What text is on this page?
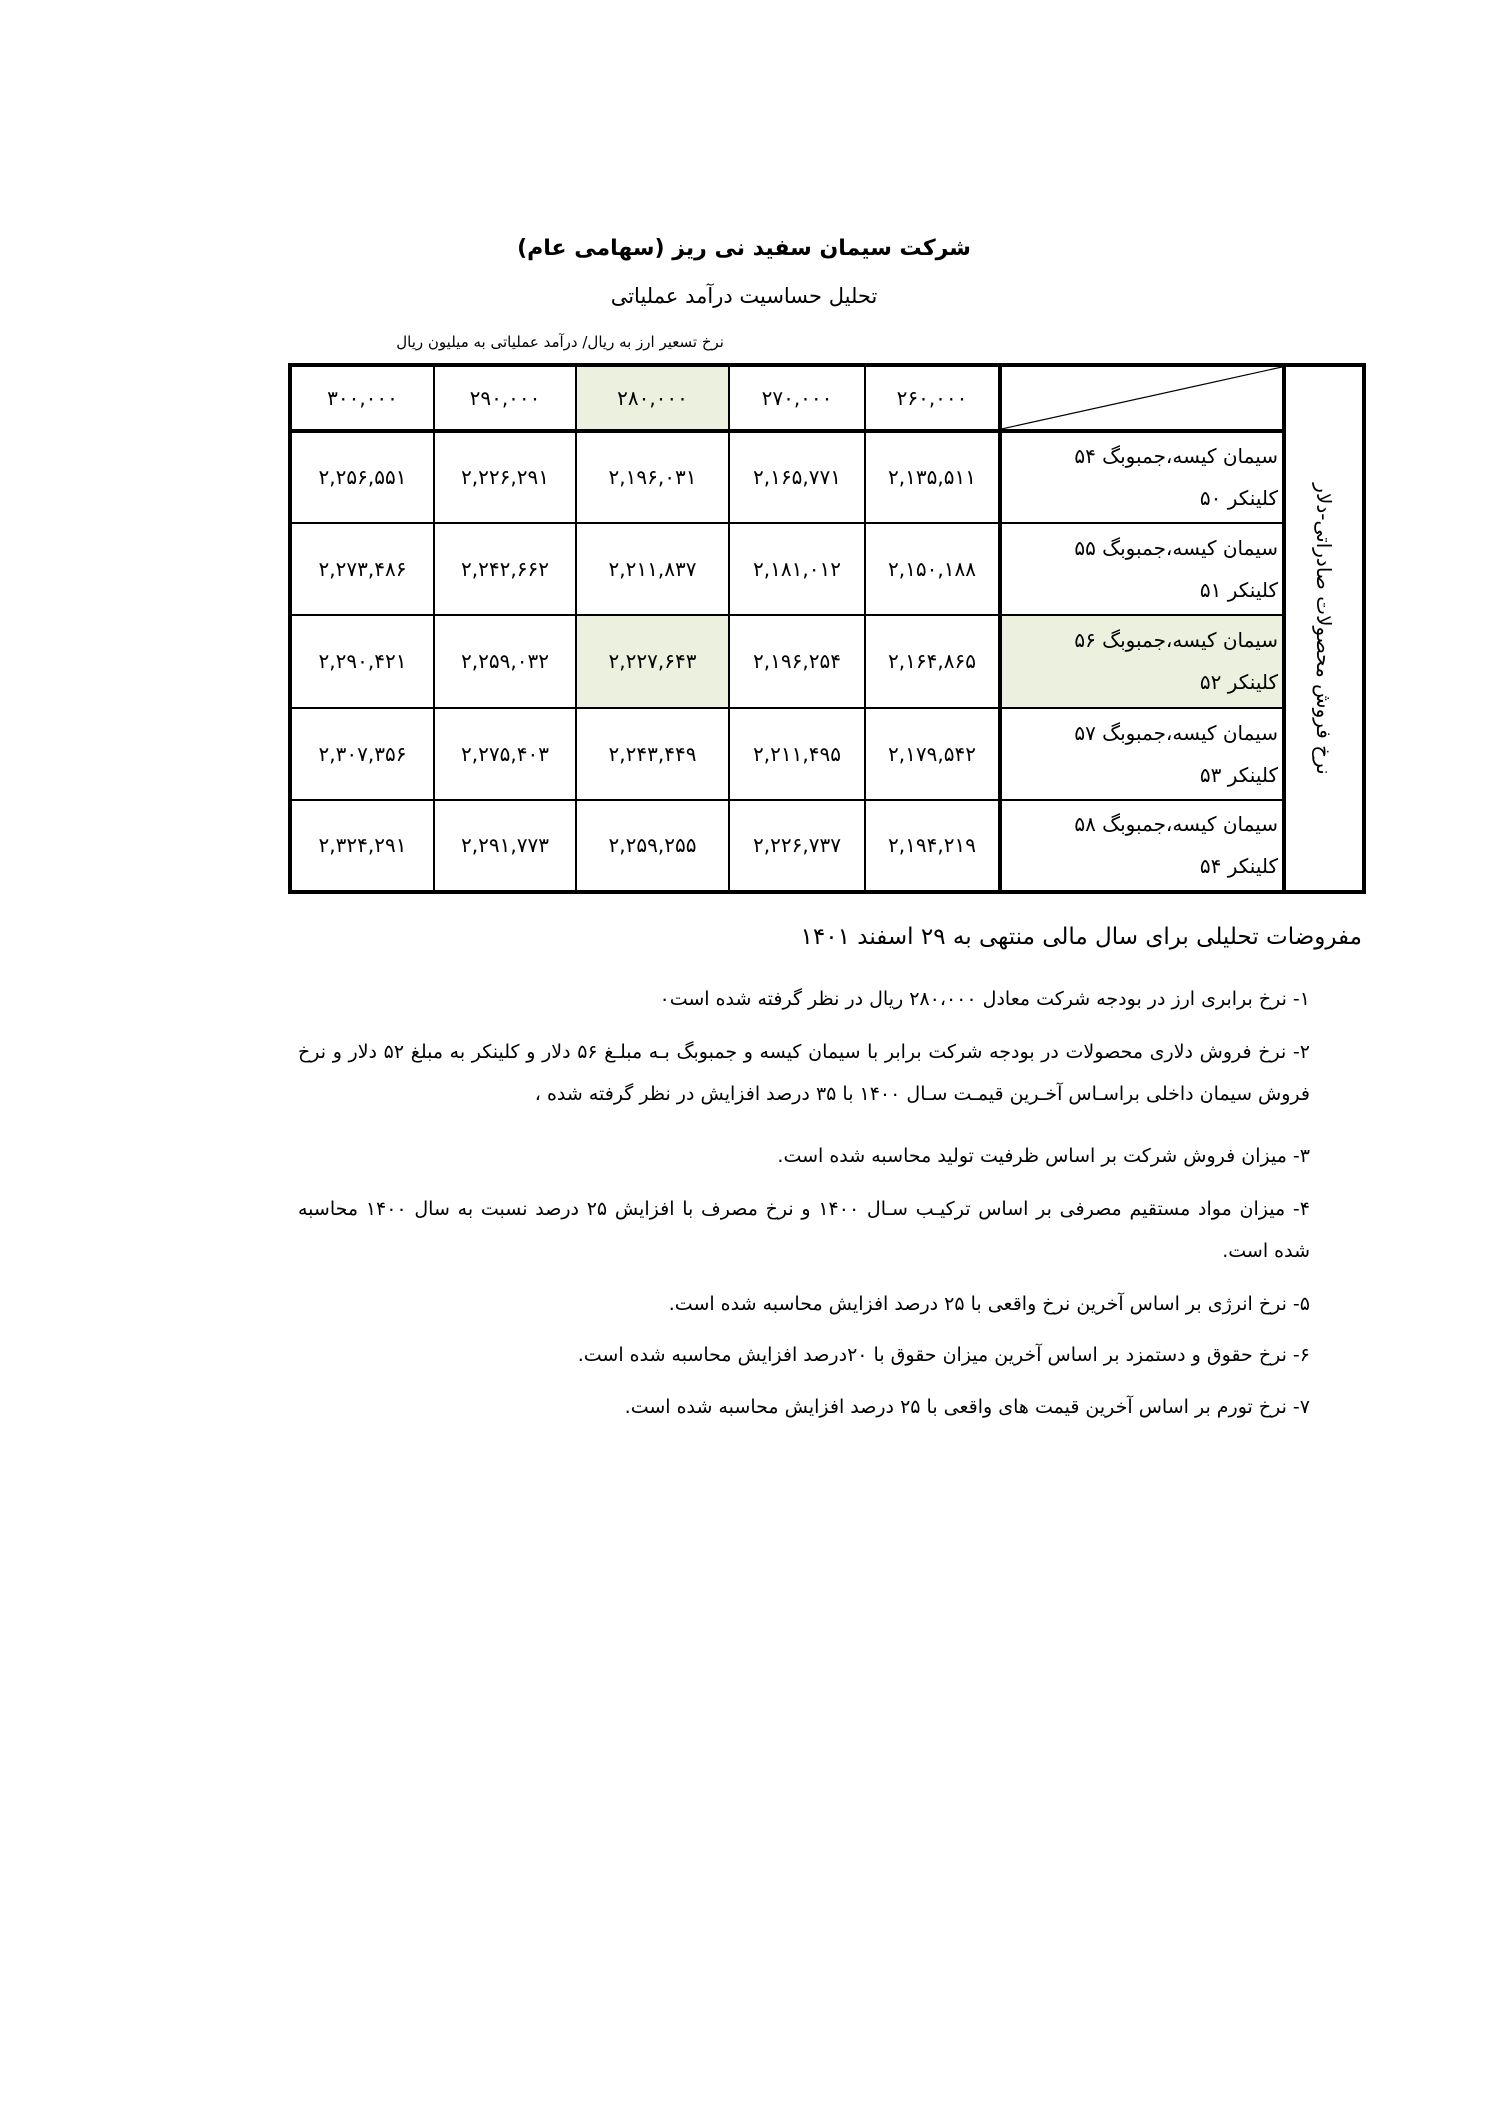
شرکت سیمان سفید نی ریز (سهامی عام)
تحلیل حساسیت درآمد عملیاتی
نرخ تسعیر ارز به ریال/ درآمد عملیاتی به میلیون ریال
۳۰۰,۰۰۰	۲۹۰,۰۰۰	۲۸۰,۰۰۰	۲۷۰,۰۰۰	۲۶۰,۰۰۰		نرخ فروش محصولات صادراتی-دلار

۲,۲۵۶,۵۵۱	۲,۲۲۶,۲۹۱	۲,۱۹۶,۰۳۱	۲,۱۶۵,۷۷۱	۲,۱۳۵,۵۱۱	سیمان کیسه،جمبوبگ ۵۴
کلینکر ۵۰	

۲,۲۷۳,۴۸۶	۲,۲۴۲,۶۶۲	۲,۲۱۱,۸۳۷	۲,۱۸۱,۰۱۲	۲,۱۵۰,۱۸۸	سیمان کیسه،جمبوبگ ۵۵
کلینکر ۵۱	

۲,۲۹۰,۴۲۱	۲,۲۵۹,۰۳۲	۲,۲۲۷,۶۴۳	۲,۱۹۶,۲۵۴	۲,۱۶۴,۸۶۵	سیمان کیسه،جمبوبگ ۵۶
کلینکر ۵۲	

۲,۳۰۷,۳۵۶	۲,۲۷۵,۴۰۳	۲,۲۴۳,۴۴۹	۲,۲۱۱,۴۹۵	۲,۱۷۹,۵۴۲	سیمان کیسه،جمبوبگ ۵۷
کلینکر ۵۳	

۲,۳۲۴,۲۹۱	۲,۲۹۱,۷۷۳	۲,۲۵۹,۲۵۵	۲,۲۲۶,۷۳۷	۲,۱۹۴,۲۱۹	سیمان کیسه،جمبوبگ ۵۸
کلینکر ۵۴	
مفروضات تحلیلی برای سال مالی منتهی به ۲۹ اسفند ۱۴۰۱
۱- نرخ برابری ارز در بودجه شرکت معادل ۲۸۰،۰۰۰ ریال در نظر گرفته شده است۰
۲- نرخ فروش دلاری محصولات در بودجه شرکت برابر با سیمان کیسه و جمبوبگ بـه مبلـغ ۵۶ دلار و کلینکر به مبلغ ۵۲ دلار و نرخ فروش سیمان داخلی براسـاس آخـرین قیمـت سـال ۱۴۰۰ با ۳۵ درصد افزایش در نظر گرفته شده ،
۳- میزان فروش شرکت بر اساس ظرفیت تولید محاسبه شده است.
۴- میزان مواد مستقیم مصرفی بر اساس ترکیـب سـال ۱۴۰۰ و نرخ مصرف با افزایش ۲۵ درصد نسبت به سال ۱۴۰۰ محاسبه شده است.
۵- نرخ انرژی بر اساس آخرین نرخ واقعی با ۲۵ درصد افزایش محاسبه شده است.
۶- نرخ حقوق و دستمزد بر اساس آخرین میزان حقوق با ۲۰درصد افزایش محاسبه شده است.
۷- نرخ تورم بر اساس آخرین قیمت های واقعی با ۲۵ درصد افزایش محاسبه شده است.
